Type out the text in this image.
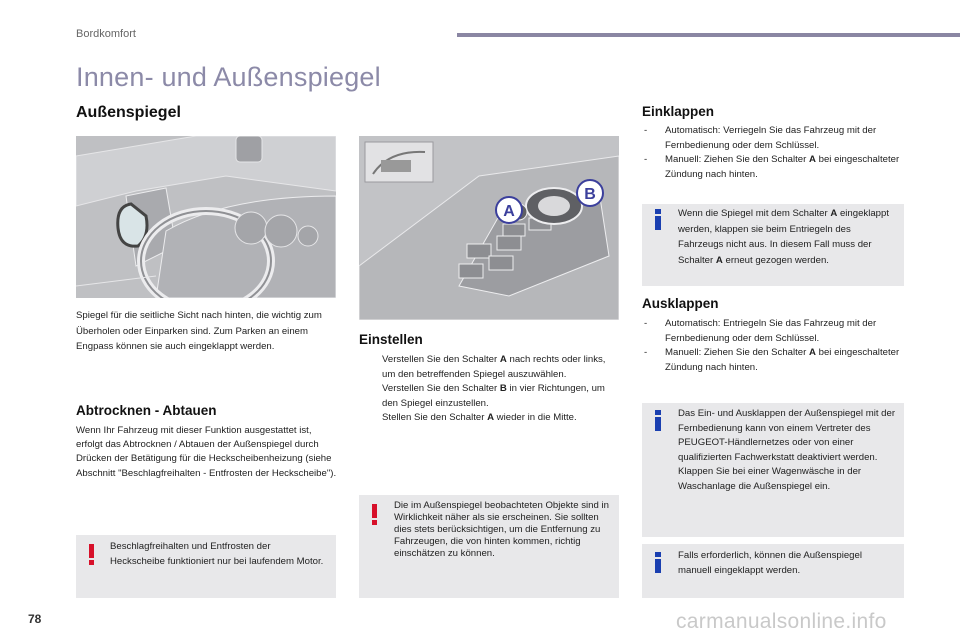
Bordkomfort
Innen- und Außenspiegel
Außenspiegel
Spiegel für die seitliche Sicht nach hinten, die wichtig zum Überholen oder Einparken sind. Zum Parken an einem Engpass können sie auch eingeklappt werden.
Abtrocknen - Abtauen
Wenn Ihr Fahrzeug mit dieser Funktion ausgestattet ist, erfolgt das Abtrocknen / Abtauen der Außenspiegel durch Drücken der Betätigung für die Heckscheibenheizung (siehe Abschnitt "Beschlagfreihalten - Entfrosten der Heckscheibe").
Beschlagfreihalten und Entfrosten der Heckscheibe funktioniert nur bei laufendem Motor.
A
B
Einstellen
Verstellen Sie den Schalter A nach rechts oder links, um den betreffenden Spiegel auszuwählen.
Verstellen Sie den Schalter B in vier Richtungen, um den Spiegel einzustellen.
Stellen Sie den Schalter A wieder in die Mitte.
Die im Außenspiegel beobachteten Objekte sind in Wirklichkeit näher als sie erscheinen. Sie sollten dies stets berücksichtigen, um die Entfernung zu Fahrzeugen, die von hinten kommen, richtig einschätzen zu können.
Einklappen
- Automatisch: Verriegeln Sie das Fahrzeug mit der Fernbedienung oder dem Schlüssel.
- Manuell: Ziehen Sie den Schalter A bei eingeschalteter Zündung nach hinten.
Wenn die Spiegel mit dem Schalter A eingeklappt werden, klappen sie beim Entriegeln des Fahrzeugs nicht aus. In diesem Fall muss der Schalter A erneut gezogen werden.
Ausklappen
- Automatisch: Entriegeln Sie das Fahrzeug mit der Fernbedienung oder dem Schlüssel.
- Manuell: Ziehen Sie den Schalter A bei eingeschalteter Zündung nach hinten.
Das Ein- und Ausklappen der Außenspiegel mit der Fernbedienung kann von einem Vertreter des PEUGEOT-Händlernetzes oder von einer qualifizierten Fachwerkstatt deaktiviert werden.
Klappen Sie bei einer Wagenwäsche in der Waschanlage die Außenspiegel ein.
Falls erforderlich, können die Außenspiegel manuell eingeklappt werden.
78	carmanualsonline.info
